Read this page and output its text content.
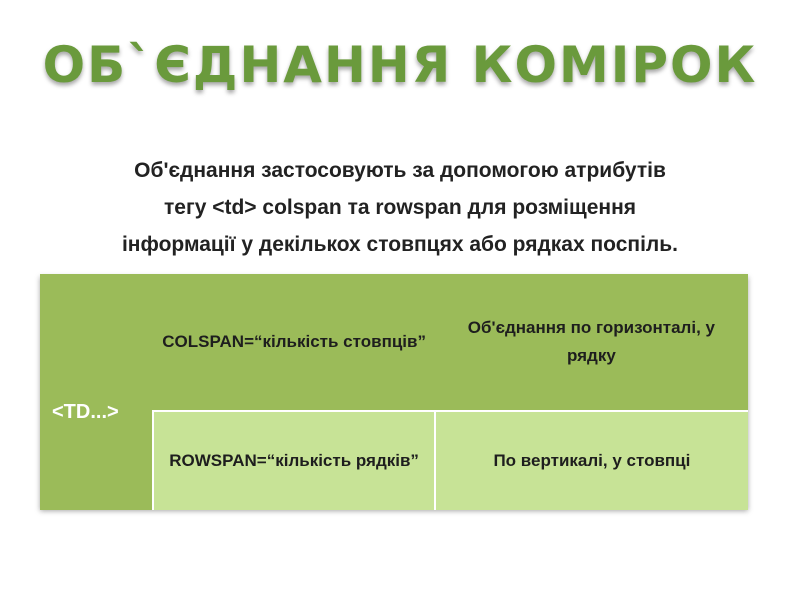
ОБ`ЄДНАННЯ КОМІРОК
Об'єднання застосовують за допомогою атрибутів
тегу <td> colspan та rowspan для розміщення
інформації у декількох стовпцях або рядках поспіль.
<TD...>	COLSPAN=“кількість стовпців”	Об'єднання по горизонталі, у рядку
	ROWSPAN=“кількість рядків”	По вертикалі, у стовпці
